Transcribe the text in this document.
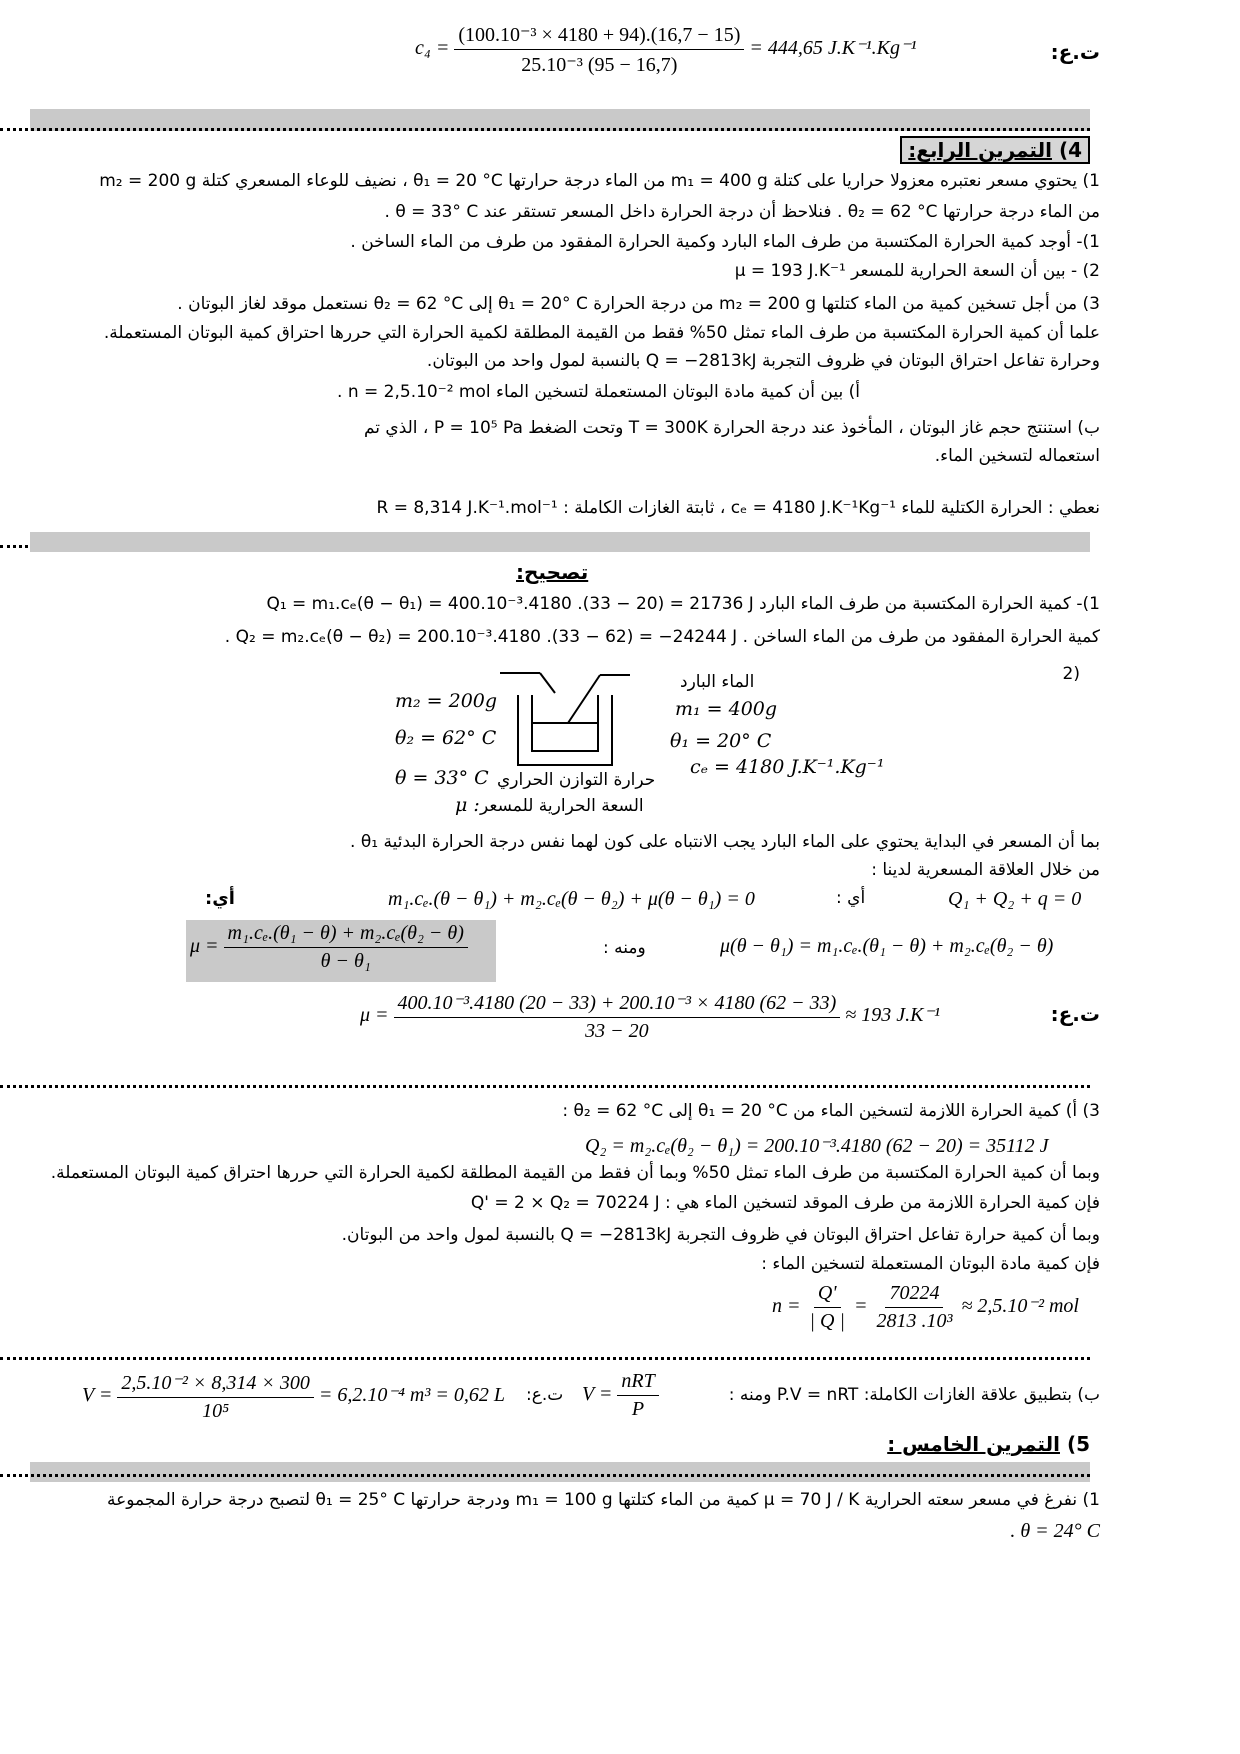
$c_4 = \frac{\text{(100.10⁻³ × 4180 + 94).(16,7 − 15)}}{\text{25.10⁻³ (95 − 16,7)}} = 444,65$ J.K⁻¹.Kg⁻¹	ت.ع:
4) التمرين الرابع:
1) يحتوي مسعر نعتبره معزولا حراريا على كتلة m₁ = 400 g من الماء درجة حرارتها θ₁ = 20 °C ، نضيف للوعاء المسعري كتلة m₂ = 200 g
من الماء درجة حرارتها θ₂ = 62 °C . فنلاحظ أن درجة الحرارة داخل المسعر تستقر عند θ = 33° C .
1)- أوجد كمية الحرارة المكتسبة من طرف الماء البارد وكمية الحرارة المفقود من طرف من الماء الساخن .
2) - بين أن السعة الحرارية للمسعر μ = 193 J.K⁻¹
3) من أجل تسخين كمية من الماء كتلتها m₂ = 200 g من درجة الحرارة θ₁ = 20° C إلى θ₂ = 62 °C نستعمل موقد لغاز البوتان .
علما أن كمية الحرارة المكتسبة من طرف الماء تمثل 50% فقط من القيمة المطلقة لكمية الحرارة التي حررها احتراق كمية البوتان المستعملة.
وحرارة تفاعل احتراق البوتان في ظروف التجربة Q = −2813kJ بالنسبة لمول واحد من البوتان.
أ) بين أن كمية مادة البوتان المستعملة لتسخين الماء n = 2,5.10⁻² mol .
ب) استنتج حجم غاز البوتان ، المأخوذ عند درجة الحرارة T = 300K وتحت الضغط P = 10⁵ Pa ، الذي تم
استعماله لتسخين الماء.
نعطي : الحرارة الكتلية للماء cₑ = 4180 J.K⁻¹Kg⁻¹ ، ثابتة الغازات الكاملة : R = 8,314 J.K⁻¹.mol⁻¹
تصحيح:
1)- كمية الحرارة المكتسبة من طرف الماء البارد Q₁ = m₁.cₑ(θ − θ₁) = 400.10⁻³.4180 .(33 − 20) = 21736 J
كمية الحرارة المفقود من طرف من الماء الساخن . Q₂ = m₂.cₑ(θ − θ₂) = 200.10⁻³.4180 .(33 − 62) = −24244 J .
(2
m₂ = 200g
θ₂ = 62° C
θ = 33° C حرارة التوازن الحراري
السعة الحرارية للمسعر
μ :
الماء البارد
m₁ = 400g
θ₁ = 20° C
cₑ = 4180 J.K⁻¹.Kg⁻¹
بما أن المسعر في البداية يحتوي على الماء البارد يجب الانتباه على كون لهما نفس درجة الحرارة البدئية θ₁ .
من خلال العلاقة المسعرية لدينا :
Q₁ + Q₂ + q = 0
أي :
m₁.cₑ.(θ − θ₁) + m₂.cₑ(θ − θ₂) + μ(θ − θ₁) = 0
أي:
$\mu = \frac{\text{m₁.cₑ.(θ₁ − θ) + m₂.cₑ(θ₂ − θ)}}{\text{θ − θ₁}}$	ومنه :	μ(θ − θ₁) = m₁.cₑ.(θ₁ − θ) + m₂.cₑ(θ₂ − θ)
$\mu = \frac{\text{400.10⁻³.4180 (20 − 33) + 200.10⁻³ × 4180 (62 − 33)}}{33 - 20} \approx 193$ J.K⁻¹	ت.ع:
3) أ) كمية الحرارة اللازمة لتسخين الماء من θ₁ = 20 °C إلى θ₂ = 62 °C :
Q₂ = m₂.cₑ(θ₂ − θ₁) = 200.10⁻³.4180 (62 − 20) = 35112 J
وبما أن كمية الحرارة المكتسبة من طرف الماء تمثل 50% وبما أن فقط من القيمة المطلقة لكمية الحرارة التي حررها احتراق كمية البوتان المستعملة.
فإن كمية الحرارة اللازمة من طرف الموقد لتسخين الماء هي : Q' = 2 × Q₂ = 70224 J
وبما أن كمية حرارة تفاعل احتراق البوتان في ظروف التجربة Q = −2813kJ بالنسبة لمول واحد من البوتان.
فإن كمية مادة البوتان المستعملة لتسخين الماء :
$n = \frac{Q'}{| Q |} = \frac{70224}{\text{2813 .10³}} \approx 2,5.10^{-2}$ mol
ب) بتطبيق علاقة الغازات الكاملة: P.V = nRT ومنه :
$V = \frac{\text{nRT}}{P}$
ت.ع:
$V = \frac{\text{2,5.10⁻² × 8,314 × 300}}{\text{10⁵}} = 6,2.10^{-4}$ m³ = 0,62 L
5) التمرين الخامس :
1) نفرغ في مسعر سعته الحرارية μ = 70 J / K كمية من الماء كتلتها m₁ = 100 g ودرجة حرارتها θ₁ = 25° C لتصبح درجة حرارة المجموعة
. θ = 24° C
